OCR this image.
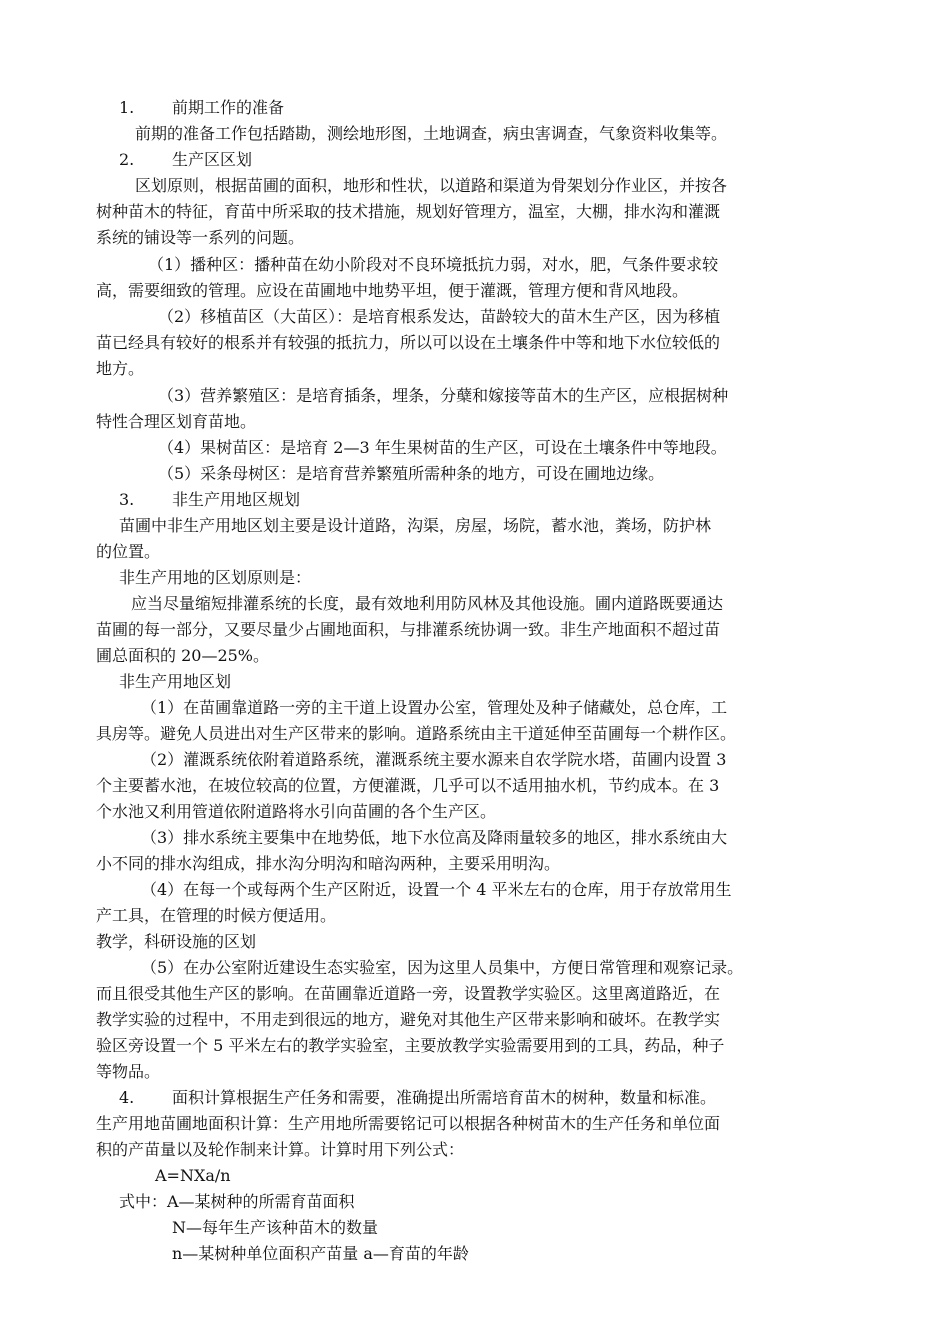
1. 前期工作的准备
前期的准备工作包括踏勘，测绘地形图，土地调查，病虫害调查，气象资料收集等。
2. 生产区区划
区划原则，根据苗圃的面积，地形和性状，以道路和渠道为骨架划分作业区，并按各
树种苗木的特征，育苗中所采取的技术措施，规划好管理方，温室，大棚，排水沟和灌溉
系统的铺设等一系列的问题。
（1）播种区：播种苗在幼小阶段对不良环境抵抗力弱，对水，肥，气条件要求较
高，需要细致的管理。应设在苗圃地中地势平坦，便于灌溉，管理方便和背风地段。
（2）移植苗区（大苗区）：是培育根系发达，苗龄较大的苗木生产区，因为移植
苗已经具有较好的根系并有较强的抵抗力，所以可以设在土壤条件中等和地下水位较低的
地方。
（3）营养繁殖区：是培育插条，埋条，分蘖和嫁接等苗木的生产区，应根据树种
特性合理区划育苗地。
（4）果树苗区：是培育 2—3 年生果树苗的生产区，可设在土壤条件中等地段。
（5）采条母树区：是培育营养繁殖所需种条的地方，可设在圃地边缘。
3. 非生产用地区规划
苗圃中非生产用地区划主要是设计道路，沟渠，房屋，场院，蓄水池，粪场，防护林
的位置。
非生产用地的区划原则是：
应当尽量缩短排灌系统的长度，最有效地利用防风林及其他设施。圃内道路既要通达
苗圃的每一部分，又要尽量少占圃地面积，与排灌系统协调一致。非生产地面积不超过苗
圃总面积的 20—25%。
非生产用地区划
（1）在苗圃靠道路一旁的主干道上设置办公室，管理处及种子储藏处，总仓库，工
具房等。避免人员进出对生产区带来的影响。道路系统由主干道延伸至苗圃每一个耕作区。
（2）灌溉系统依附着道路系统，灌溉系统主要水源来自农学院水塔，苗圃内设置 3
个主要蓄水池，在坡位较高的位置，方便灌溉，几乎可以不适用抽水机，节约成本。在 3
个水池又利用管道依附道路将水引向苗圃的各个生产区。
（3）排水系统主要集中在地势低，地下水位高及降雨量较多的地区，排水系统由大
小不同的排水沟组成，排水沟分明沟和暗沟两种，主要采用明沟。
（4）在每一个或每两个生产区附近，设置一个 4 平米左右的仓库，用于存放常用生
产工具，在管理的时候方便适用。
教学，科研设施的区划
（5）在办公室附近建设生态实验室，因为这里人员集中，方便日常管理和观察记录。
而且很受其他生产区的影响。在苗圃靠近道路一旁，设置教学实验区。这里离道路近，在
教学实验的过程中，不用走到很远的地方，避免对其他生产区带来影响和破坏。在教学实
验区旁设置一个 5 平米左右的教学实验室，主要放教学实验需要用到的工具，药品，种子
等物品。
4. 面积计算根据生产任务和需要，准确提出所需培育苗木的树种，数量和标准。
生产用地苗圃地面积计算：生产用地所需要铭记可以根据各种树苗木的生产任务和单位面
积的产苗量以及轮作制来计算。计算时用下列公式：
A=NXa/n
式中：A—某树种的所需育苗面积
N—每年生产该种苗木的数量
n—某树种单位面积产苗量 a—育苗的年龄
